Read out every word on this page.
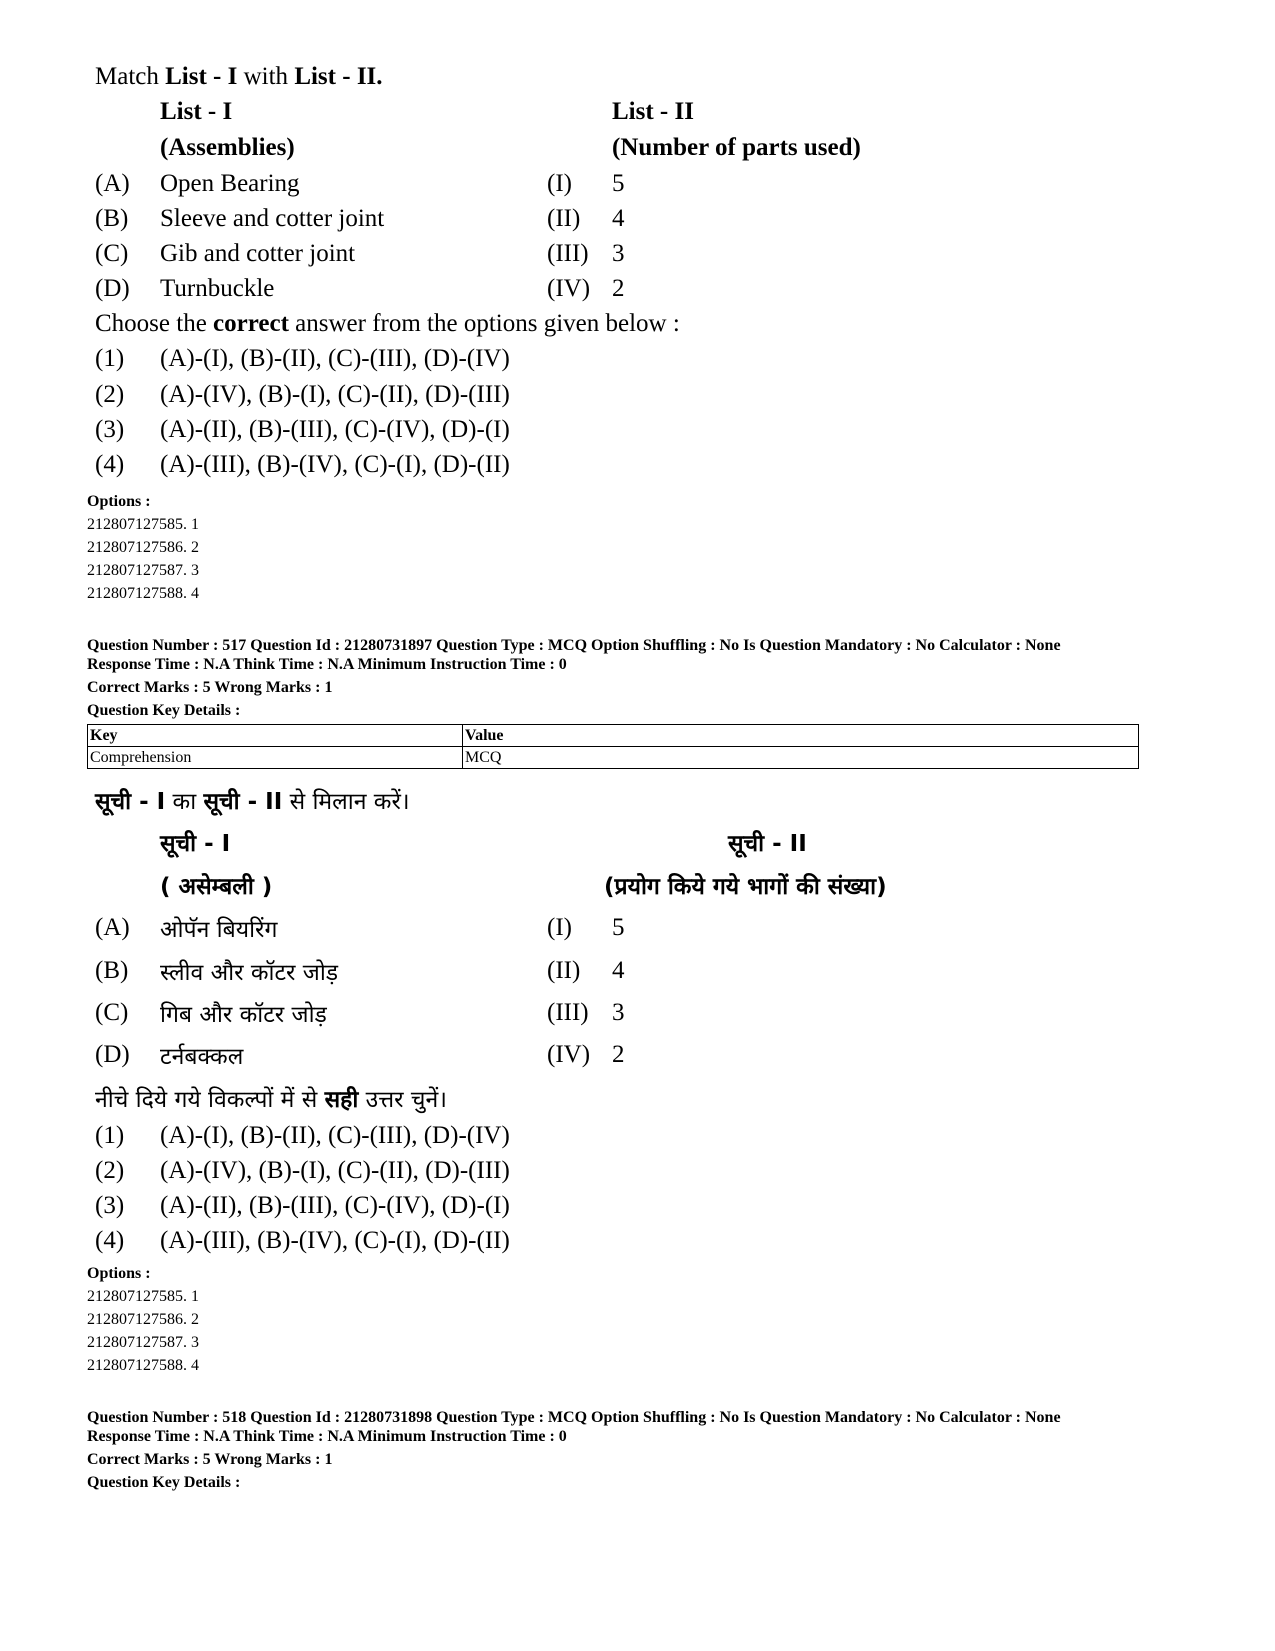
Match List - I with List - II.
List - I	List - II
(Assemblies)	(Number of parts used)
(A) Open Bearing	(I) 5
(B) Sleeve and cotter joint	(II) 4
(C) Gib and cotter joint	(III) 3
(D) Turnbuckle	(IV) 2
Choose the correct answer from the options given below :
(1) (A)-(I), (B)-(II), (C)-(III), (D)-(IV)
(2) (A)-(IV), (B)-(I), (C)-(II), (D)-(III)
(3) (A)-(II), (B)-(III), (C)-(IV), (D)-(I)
(4) (A)-(III), (B)-(IV), (C)-(I), (D)-(II)
Options :
212807127585. 1
212807127586. 2
212807127587. 3
212807127588. 4
Question Number : 517 Question Id : 21280731897 Question Type : MCQ Option Shuffling : No Is Question Mandatory : No Calculator : None
Response Time : N.A Think Time : N.A Minimum Instruction Time : 0
Correct Marks : 5 Wrong Marks : 1
Question Key Details :
Key	Value
Comprehension	MCQ
सूची - I का सूची - II से मिलान करें।
सूची - I	सूची - II
( असेम्बली )	(प्रयोग किये गये भागों की संख्या)
(A) ओपॅन बियरिंग	(I) 5
(B) स्लीव और कॉटर जोड़	(II) 4
(C) गिब और कॉटर जोड़	(III) 3
(D) टर्नबक्कल	(IV) 2
नीचे दिये गये विकल्पों में से सही उत्तर चुनें।
(1) (A)-(I), (B)-(II), (C)-(III), (D)-(IV)
(2) (A)-(IV), (B)-(I), (C)-(II), (D)-(III)
(3) (A)-(II), (B)-(III), (C)-(IV), (D)-(I)
(4) (A)-(III), (B)-(IV), (C)-(I), (D)-(II)
Options :
212807127585. 1
212807127586. 2
212807127587. 3
212807127588. 4
Question Number : 518 Question Id : 21280731898 Question Type : MCQ Option Shuffling : No Is Question Mandatory : No Calculator : None
Response Time : N.A Think Time : N.A Minimum Instruction Time : 0
Correct Marks : 5 Wrong Marks : 1
Question Key Details :
